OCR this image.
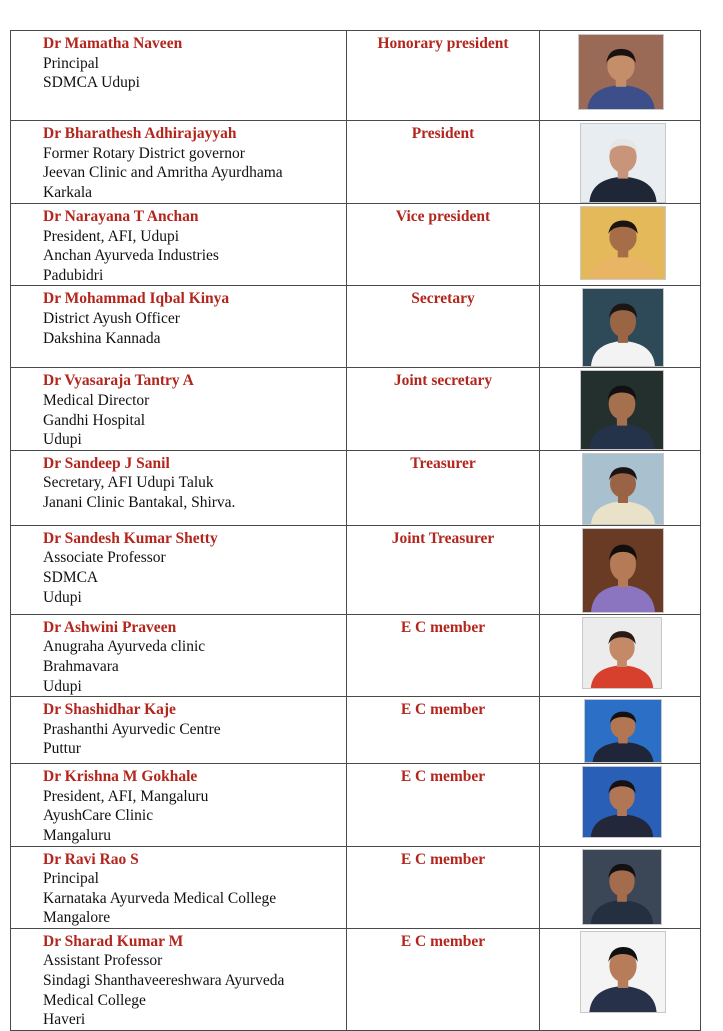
Dr Mamatha Naveen
Principal
SDMCA Udupi	Honorary president	

Dr Bharathesh Adhirajayyah
Former Rotary District governor
Jeevan Clinic and Amritha Ayurdhama
Karkala	President	

Dr Narayana T Anchan
President, AFI, Udupi
Anchan Ayurveda Industries
Padubidri	Vice president	

Dr Mohammad Iqbal Kinya
District Ayush Officer
Dakshina Kannada	Secretary	

Dr Vyasaraja Tantry A
Medical Director
Gandhi Hospital
Udupi	Joint secretary	

Dr Sandeep J Sanil
Secretary, AFI Udupi Taluk
Janani Clinic Bantakal, Shirva.	Treasurer	

Dr Sandesh Kumar Shetty
Associate Professor
SDMCA
Udupi	Joint Treasurer	

Dr Ashwini Praveen
Anugraha Ayurveda clinic
Brahmavara
Udupi	E C member	

Dr Shashidhar Kaje
Prashanthi Ayurvedic Centre
Puttur	E C member	

Dr Krishna M Gokhale
President, AFI, Mangaluru
AyushCare Clinic
Mangaluru	E C member	

Dr Ravi Rao S
Principal
Karnataka Ayurveda Medical College
Mangalore	E C member	

Dr Sharad Kumar M
Assistant Professor
Sindagi Shanthaveereshwara Ayurveda
Medical College
Haveri	E C member	
